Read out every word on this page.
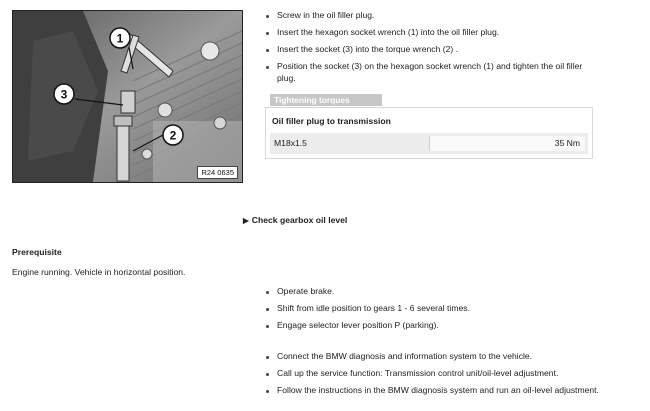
1
3
2
R24 0635
Screw in the oil filler plug.
Insert the hexagon socket wrench (1) into the oil filler plug.
Insert the socket (3) into the torque wrench (2) .
Position the socket (3) on the hexagon socket wrench (1) and tighten the oil filler plug.
Tightening torques
Oil filler plug to transmission
M18x1.5	35 Nm
▶ Check gearbox oil level
Prerequisite
Engine running. Vehicle in horizontal position.
Operate brake.
Shift from idle position to gears 1 - 6 several times.
Engage selector lever position P (parking).
Connect the BMW diagnosis and information system to the vehicle.
Call up the service function: Transmission control unit/oil-level adjustment.
Follow the instructions in the BMW diagnosis system and run an oil-level adjustment.
